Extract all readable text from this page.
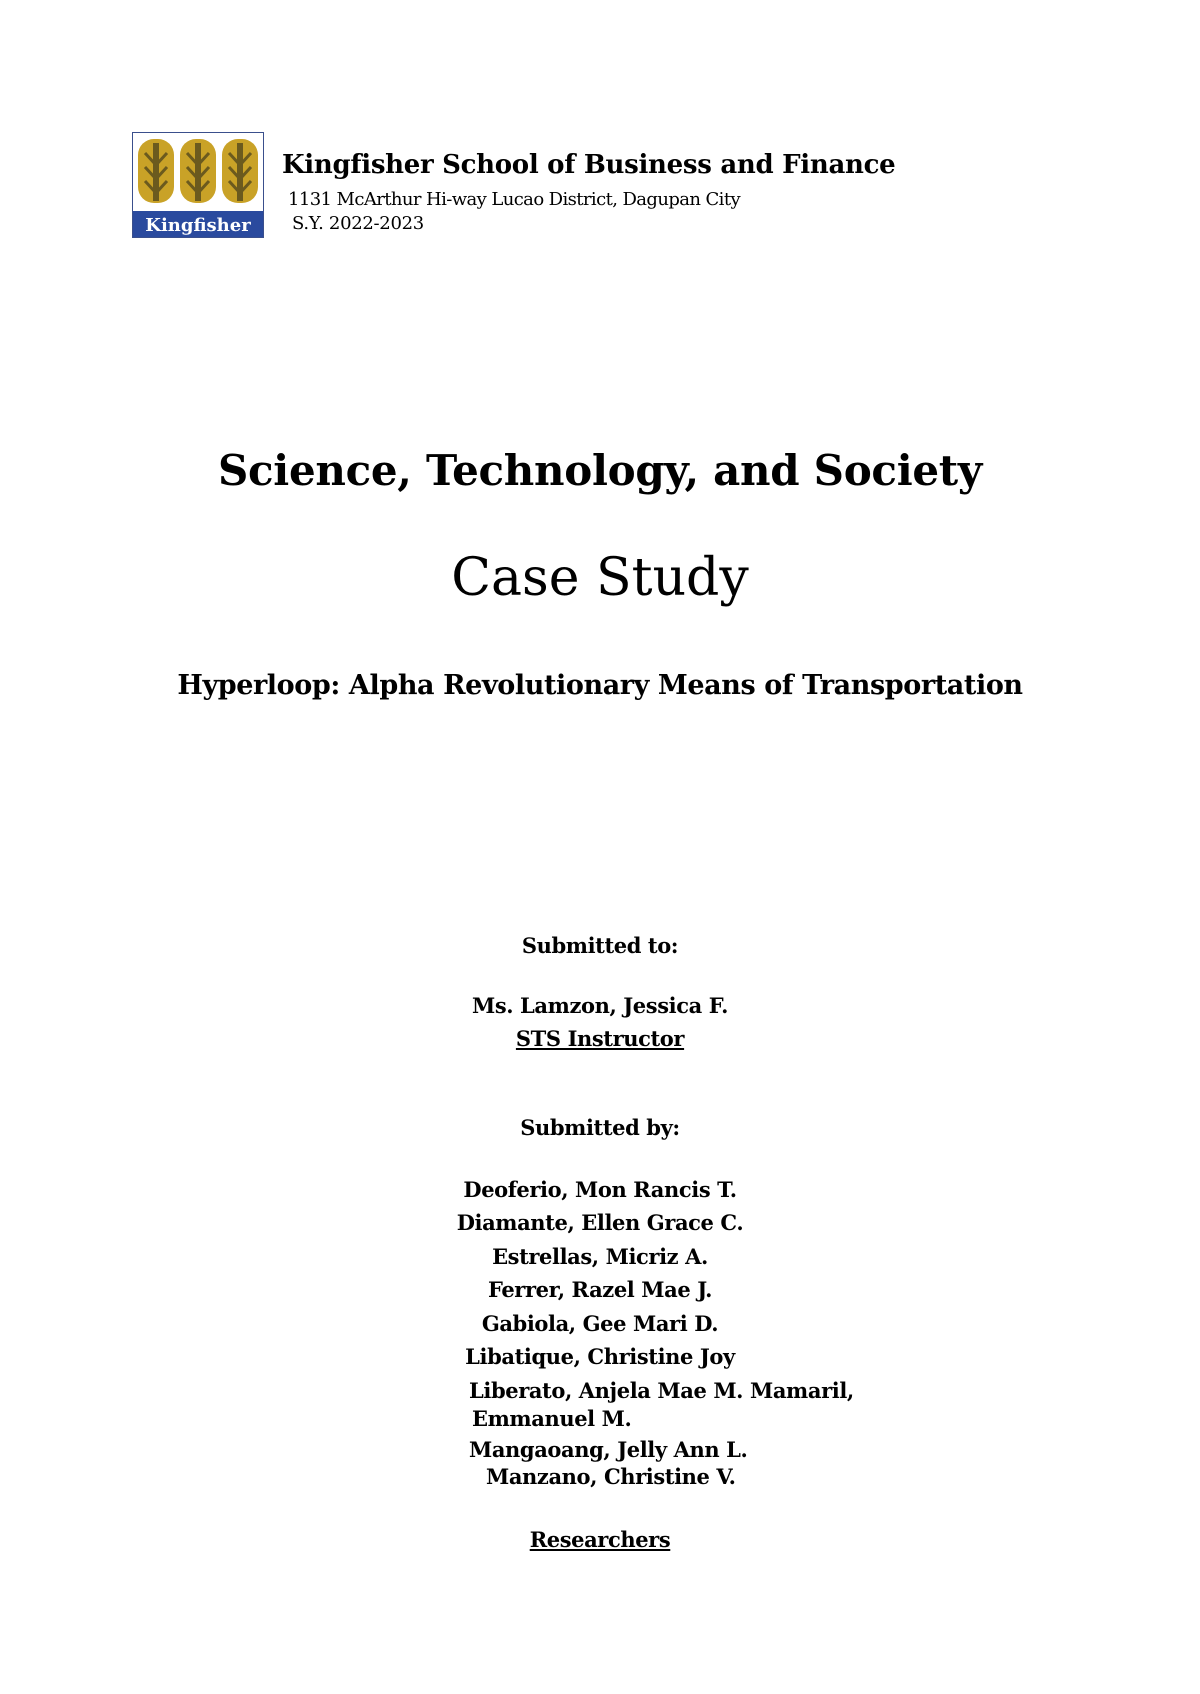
Kingfisher
Kingfisher School of Business and Finance
1131 McArthur Hi-way Lucao District, Dagupan City
S.Y. 2022-2023
Science, Technology, and Society
Case Study
Hyperloop: Alpha Revolutionary Means of Transportation
Submitted to:
Ms. Lamzon, Jessica F.
STS Instructor
Submitted by:
Deoferio, Mon Rancis T.
Diamante, Ellen Grace C.
Estrellas, Micriz A.
Ferrer, Razel Mae J.
Gabiola, Gee Mari D.
Libatique, Christine Joy
Liberato, Anjela Mae M. Mamaril,
Emmanuel M.
Mangaoang, Jelly Ann L.
Manzano, Christine V.
Researchers
